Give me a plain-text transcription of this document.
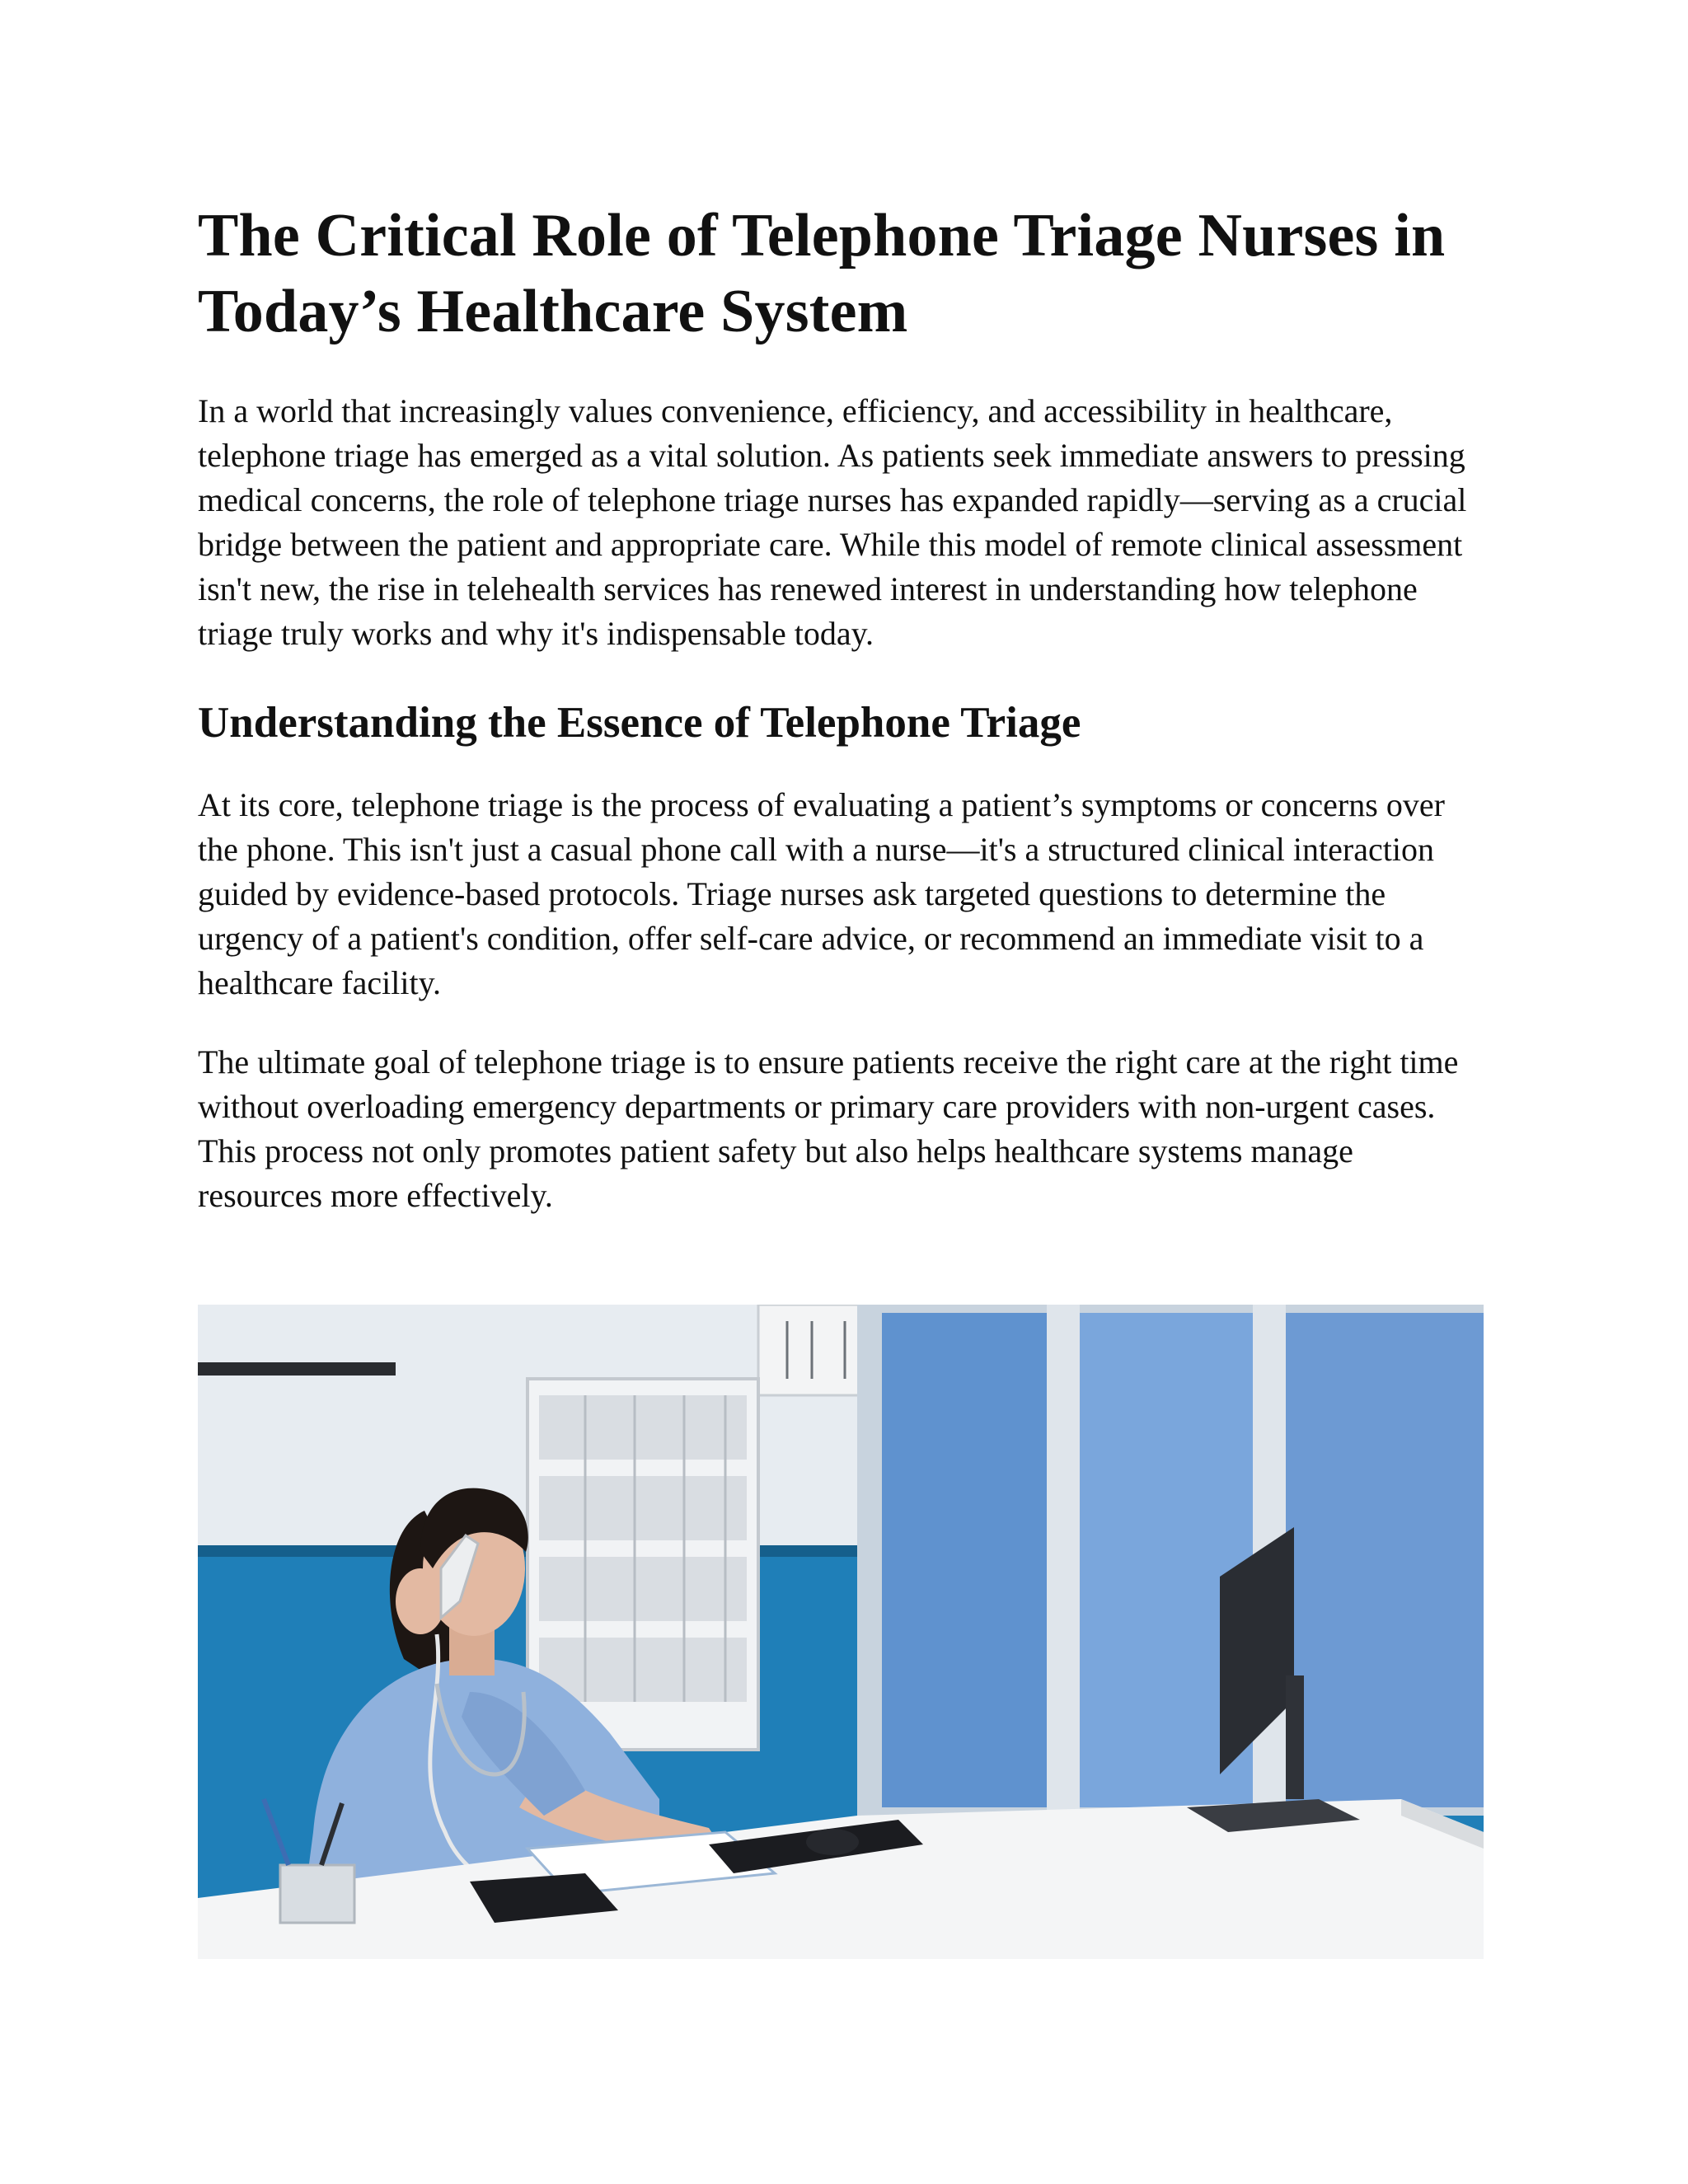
The Critical Role of Telephone Triage Nurses in Today’s Healthcare System

In a world that increasingly values convenience, efficiency, and accessibility in healthcare, telephone triage has emerged as a vital solution. As patients seek immediate answers to pressing medical concerns, the role of telephone triage nurses has expanded rapidly—serving as a crucial bridge between the patient and appropriate care. While this model of remote clinical assessment isn't new, the rise in telehealth services has renewed interest in understanding how telephone triage truly works and why it's indispensable today.

Understanding the Essence of Telephone Triage

At its core, telephone triage is the process of evaluating a patient’s symptoms or concerns over the phone. This isn't just a casual phone call with a nurse—it's a structured clinical interaction guided by evidence-based protocols. Triage nurses ask targeted questions to determine the urgency of a patient's condition, offer self-care advice, or recommend an immediate visit to a healthcare facility.

The ultimate goal of telephone triage is to ensure patients receive the right care at the right time without overloading emergency departments or primary care providers with non-urgent cases. This process not only promotes patient safety but also helps healthcare systems manage resources more effectively.
